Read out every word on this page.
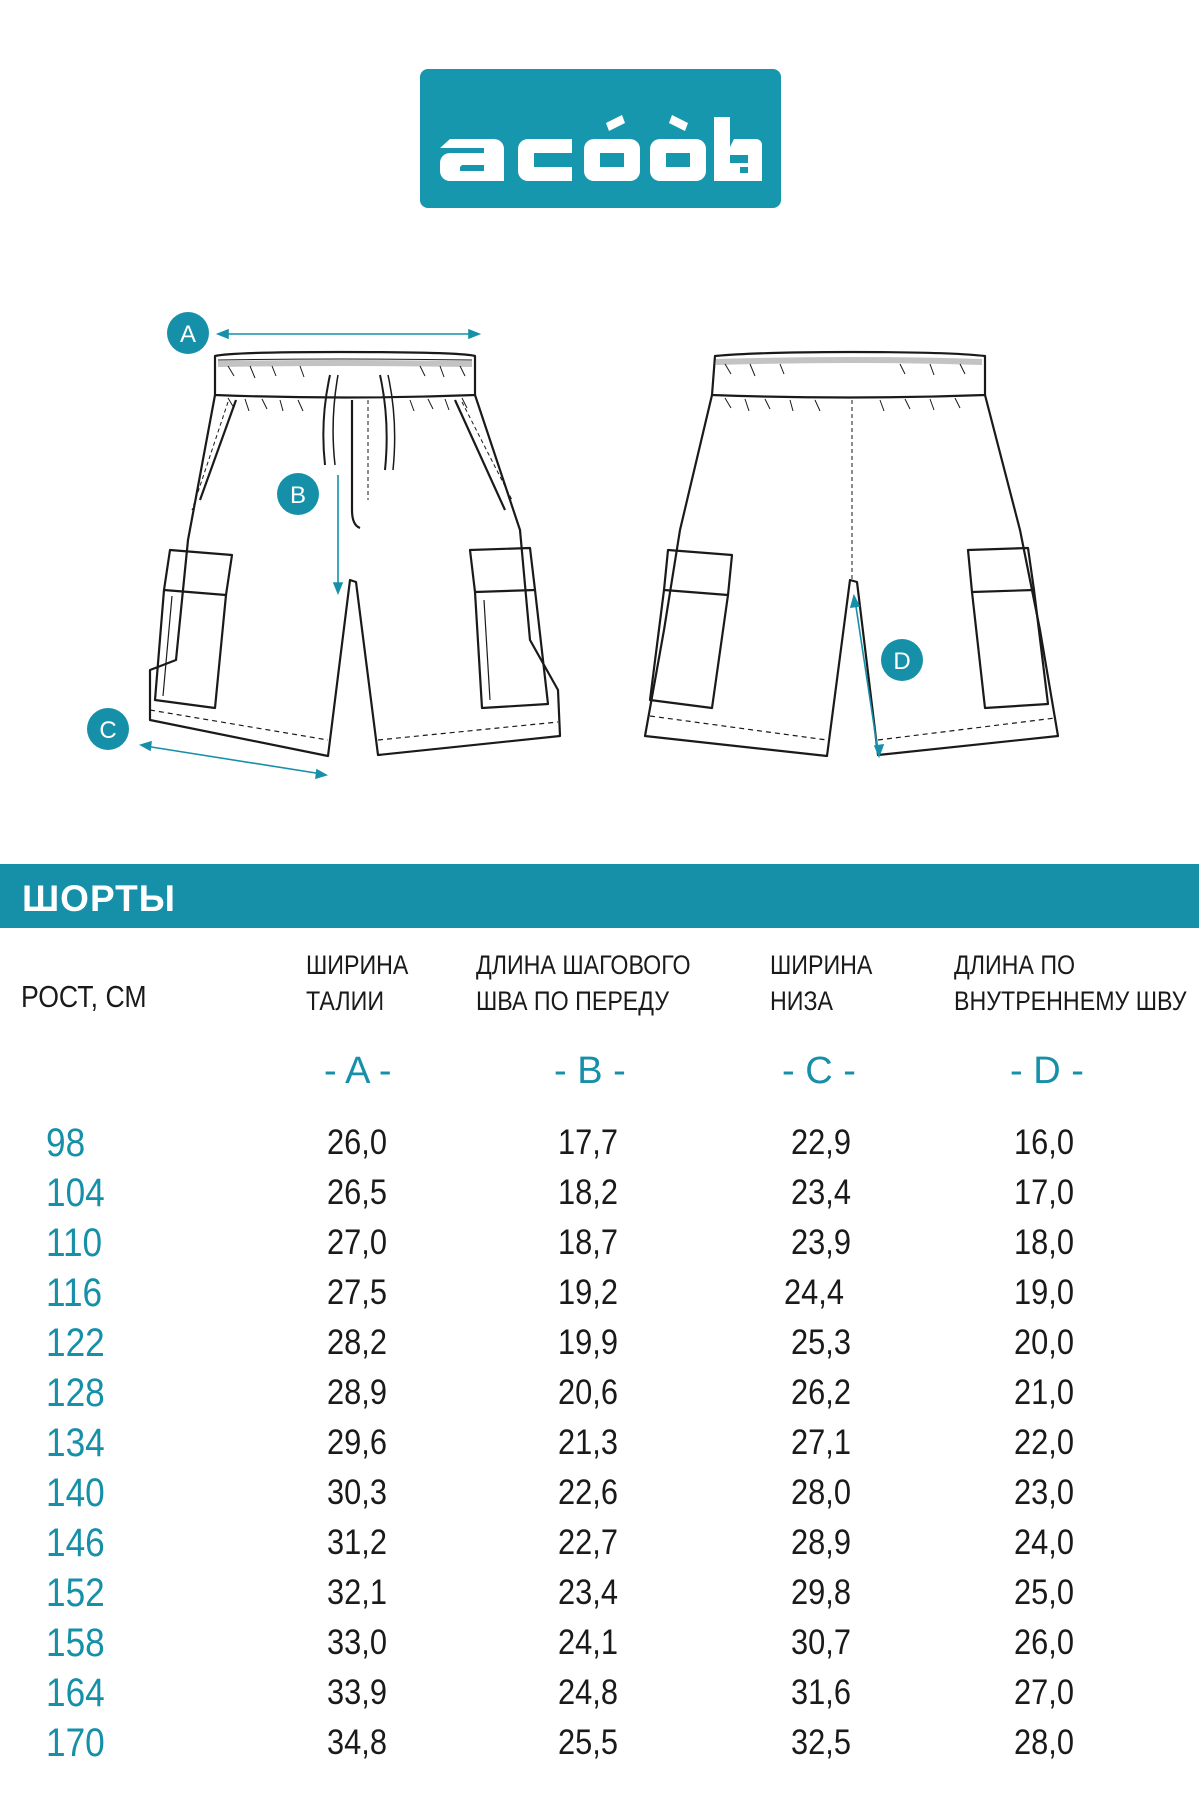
A
B
C
D
ШОРТЫ
РОСТ, СМ
ШИРИНА
ТАЛИИ
ДЛИНА ШАГОВОГО
ШВА ПО ПЕРЕДУ
ШИРИНА
НИЗА
ДЛИНА ПО
ВНУТРЕННЕМУ ШВУ
- A -	- B -	- C -	- D -
98	26,0	17,7	22,9	16,0
104	26,5	18,2	23,4	17,0
110	27,0	18,7	23,9	18,0
116	27,5	19,2	24,4	19,0
122	28,2	19,9	25,3	20,0
128	28,9	20,6	26,2	21,0
134	29,6	21,3	27,1	22,0
140	30,3	22,6	28,0	23,0
146	31,2	22,7	28,9	24,0
152	32,1	23,4	29,8	25,0
158	33,0	24,1	30,7	26,0
164	33,9	24,8	31,6	27,0
170	34,8	25,5	32,5	28,0
